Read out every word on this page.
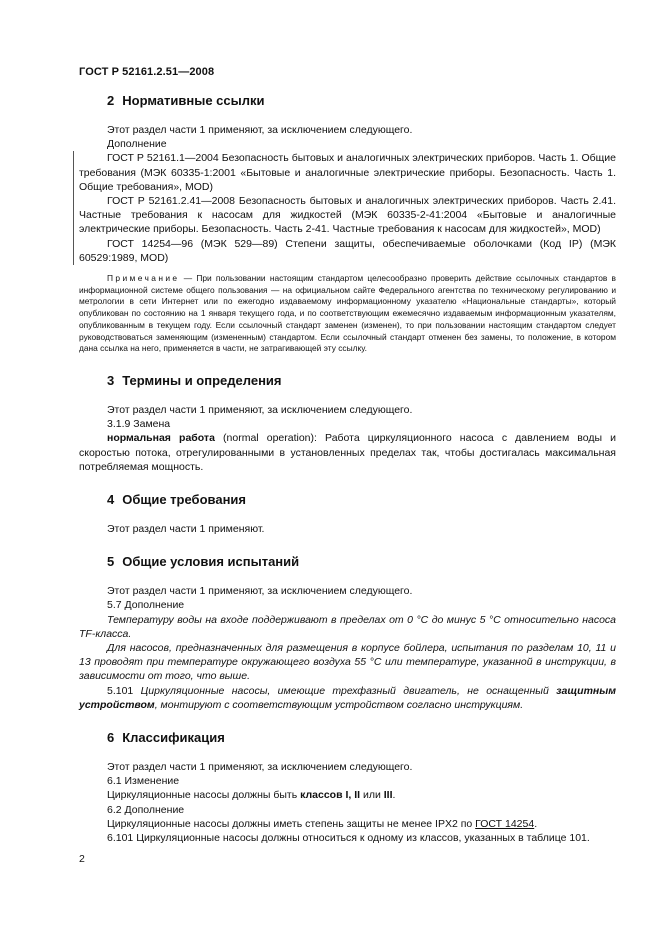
ГОСТ Р 52161.2.51—2008
2 Нормативные ссылки

Этот раздел части 1 применяют, за исключением следующего.

Дополнение

ГОСТ Р 52161.1—2004 Безопасность бытовых и аналогичных электрических приборов. Часть 1. Общие требования (МЭК 60335-1:2001 «Бытовые и аналогичные электрические приборы. Безопасность. Часть 1. Общие требования», MOD)

ГОСТ Р 52161.2.41—2008 Безопасность бытовых и аналогичных электрических приборов. Часть 2.41. Частные требования к насосам для жидкостей (МЭК 60335-2-41:2004 «Бытовые и аналогичные электрические приборы. Безопасность. Часть 2-41. Частные требования к насосам для жидкостей», MOD)

ГОСТ 14254—96 (МЭК 529—89) Степени защиты, обеспечиваемые оболочками (Код IP) (МЭК 60529:1989, MOD)

Примечание — При пользовании настоящим стандартом целесообразно проверить действие ссылочных стандартов в информационной системе общего пользования — на официальном сайте Федерального агентства по техническому регулированию и метрологии в сети Интернет или по ежегодно издаваемому информационному указателю «Национальные стандарты», который опубликован по состоянию на 1 января текущего года, и по соответствующим ежемесячно издаваемым информационным указателям, опубликованным в текущем году. Если ссылочный стандарт заменен (изменен), то при пользовании настоящим стандартом следует руководствоваться заменяющим (измененным) стандартом. Если ссылочный стандарт отменен без замены, то положение, в котором дана ссылка на него, применяется в части, не затрагивающей эту ссылку.

3 Термины и определения

Этот раздел части 1 применяют, за исключением следующего.

3.1.9 Замена

нормальная работа (normal operation): Работа циркуляционного насоса с давлением воды и скоростью потока, отрегулированными в установленных пределах так, чтобы достигалась максимальная потребляемая мощность.

4 Общие требования

Этот раздел части 1 применяют.

5 Общие условия испытаний

Этот раздел части 1 применяют, за исключением следующего.

5.7 Дополнение

Температуру воды на входе поддерживают в пределах от 0 °С до минус 5 °С относительно насоса TF-класса.

Для насосов, предназначенных для размещения в корпусе бойлера, испытания по разделам 10, 11 и 13 проводят при температуре окружающего воздуха 55 °С или температуре, указанной в инструкции, в зависимости от того, что выше.

5.101 Циркуляционные насосы, имеющие трехфазный двигатель, не оснащенный защитным устройством, монтируют с соответствующим устройством согласно инструкциям.

6 Классификация

Этот раздел части 1 применяют, за исключением следующего.

6.1 Изменение

Циркуляционные насосы должны быть классов I, II или III.

6.2 Дополнение

Циркуляционные насосы должны иметь степень защиты не менее IPX2 по ГОСТ 14254.

6.101 Циркуляционные насосы должны относиться к одному из классов, указанных в таблице 101.

2
